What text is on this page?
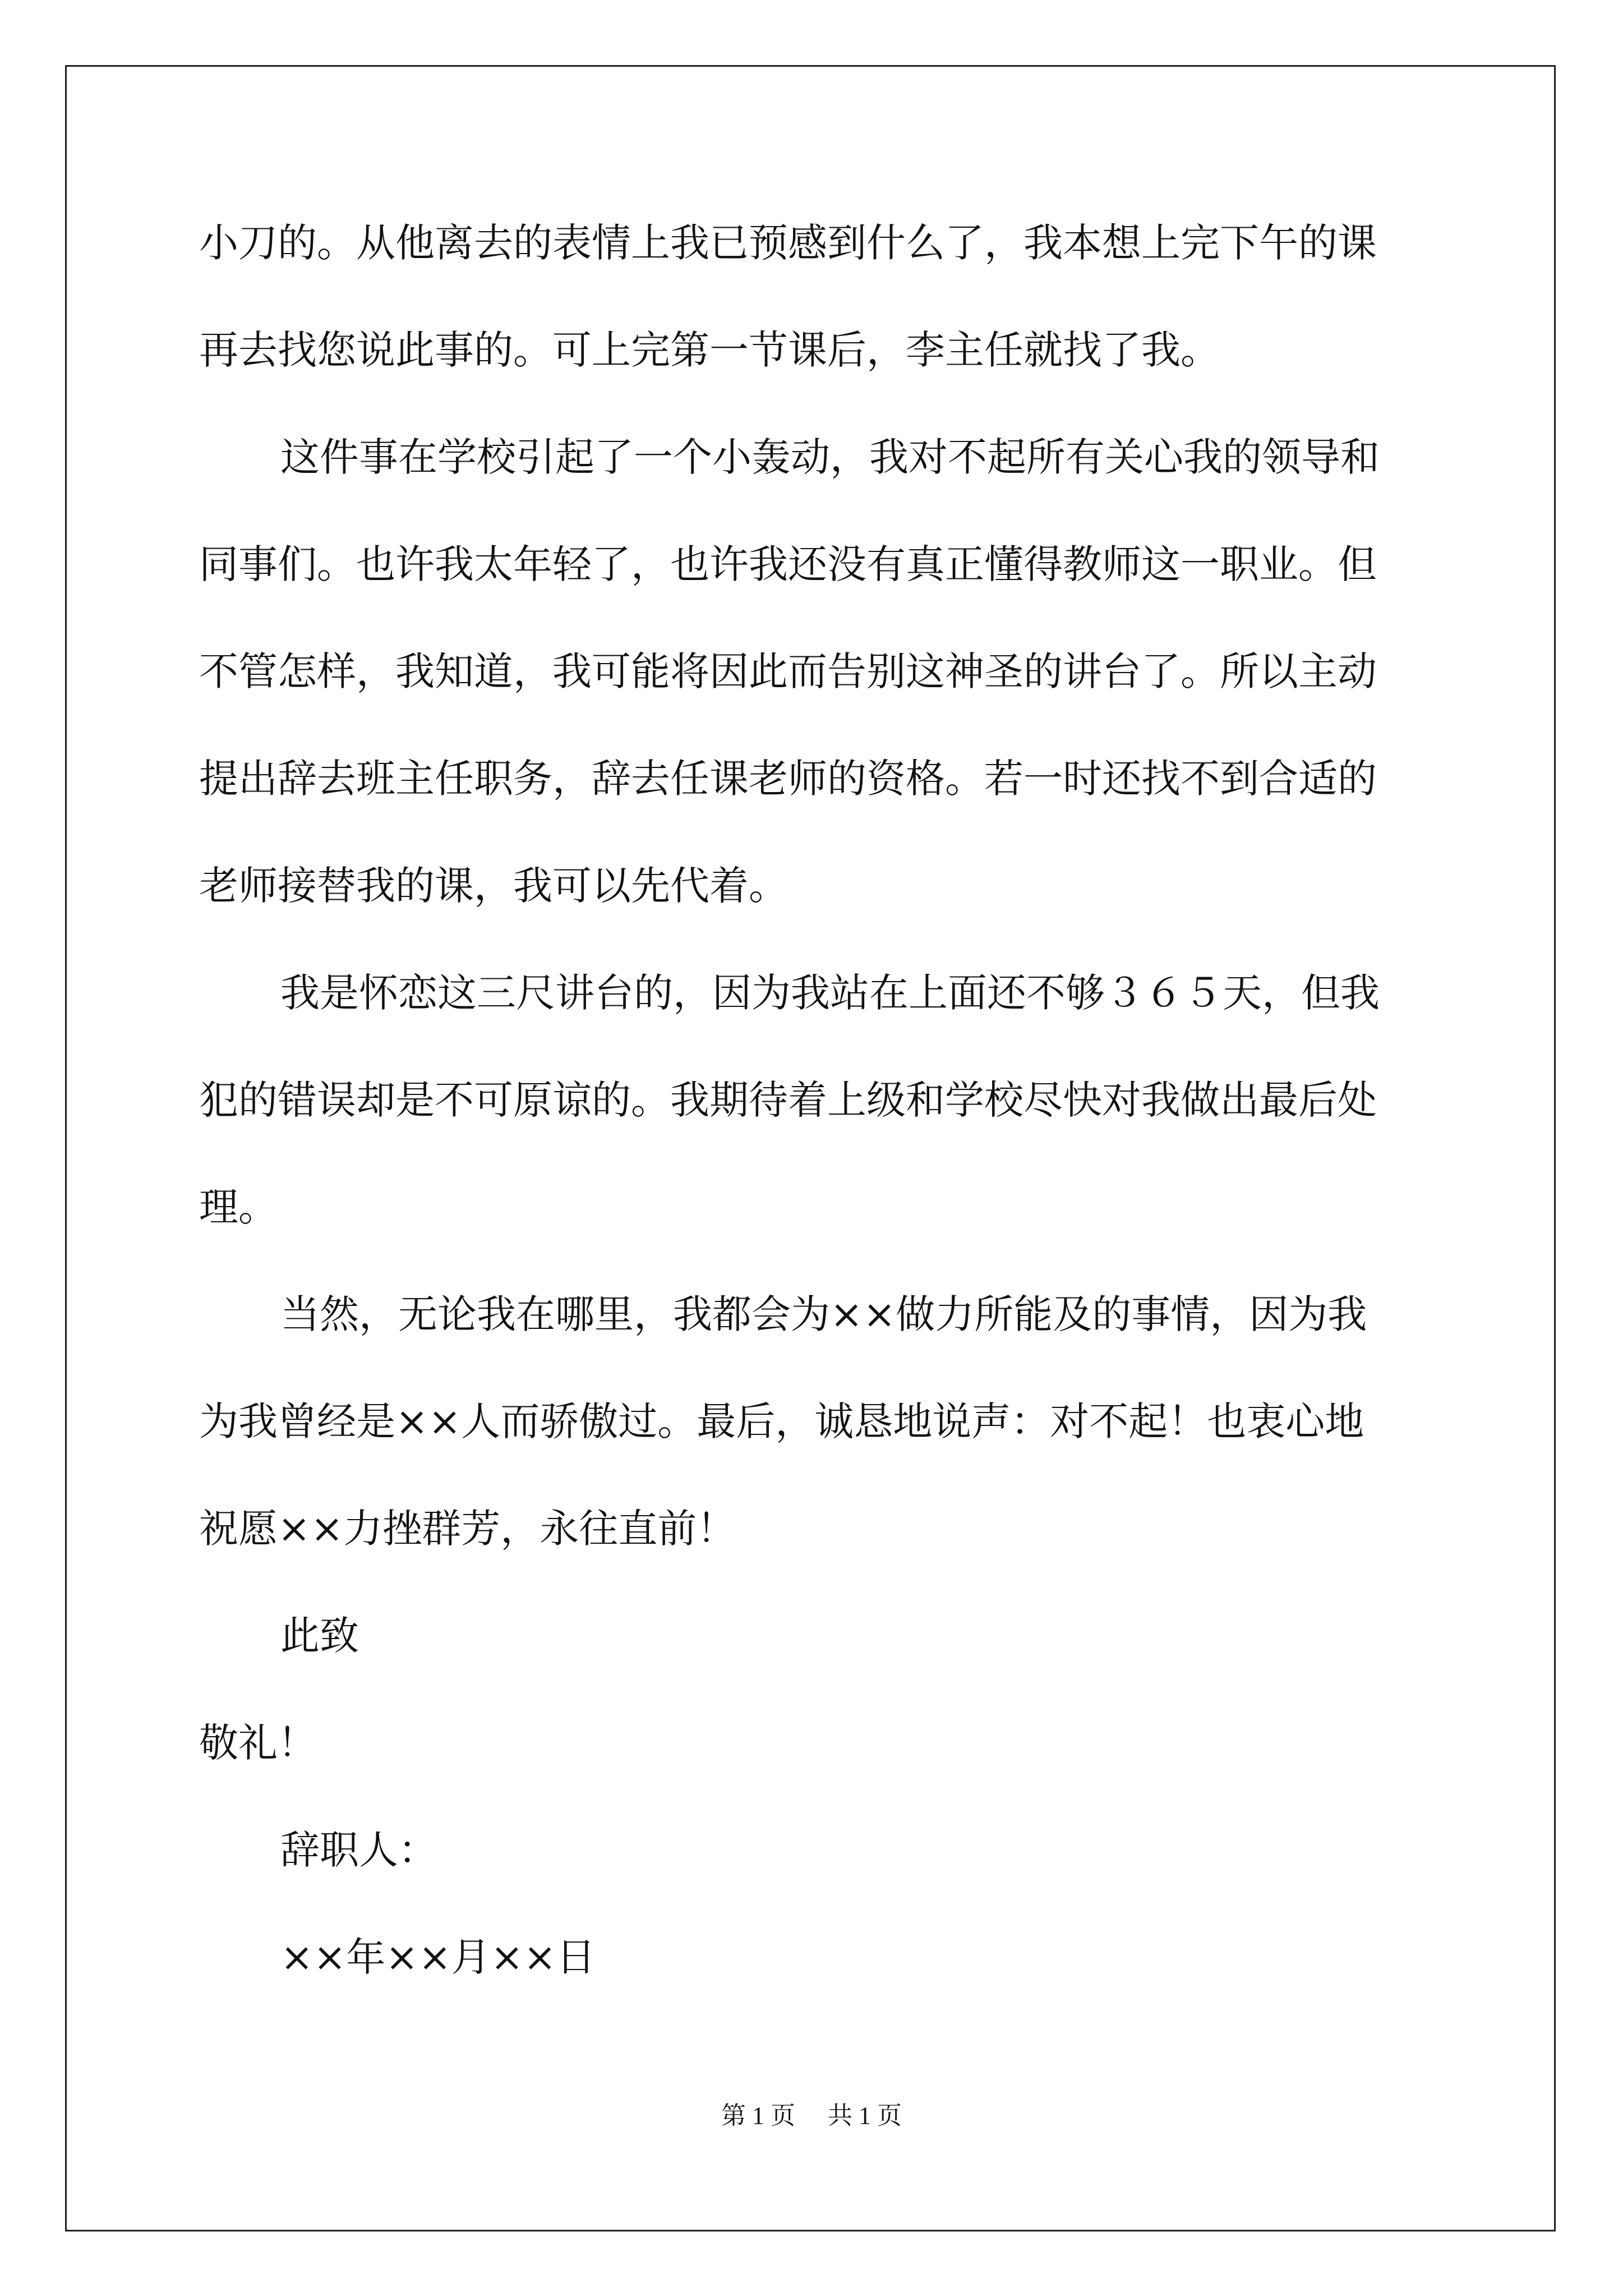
小刀的。从他离去的表情上我已预感到什么了，我本想上完下午的课
再去找您说此事的。可上完第一节课后，李主任就找了我。
这件事在学校引起了一个小轰动，我对不起所有关心我的领导和
同事们。也许我太年轻了，也许我还没有真正懂得教师这一职业。但
不管怎样，我知道，我可能将因此而告别这神圣的讲台了。所以主动
提出辞去班主任职务，辞去任课老师的资格。若一时还找不到合适的
老师接替我的课，我可以先代着。
我是怀恋这三尺讲台的，因为我站在上面还不够３６５天，但我
犯的错误却是不可原谅的。我期待着上级和学校尽快对我做出最后处
理。
当然，无论我在哪里，我都会为××做力所能及的事情，因为我
为我曾经是××人而骄傲过。最后，诚恳地说声：对不起！也衷心地
祝愿××力挫群芳，永往直前！
此致
敬礼！
辞职人：
××年××月××日
第 1 页 共 1 页
